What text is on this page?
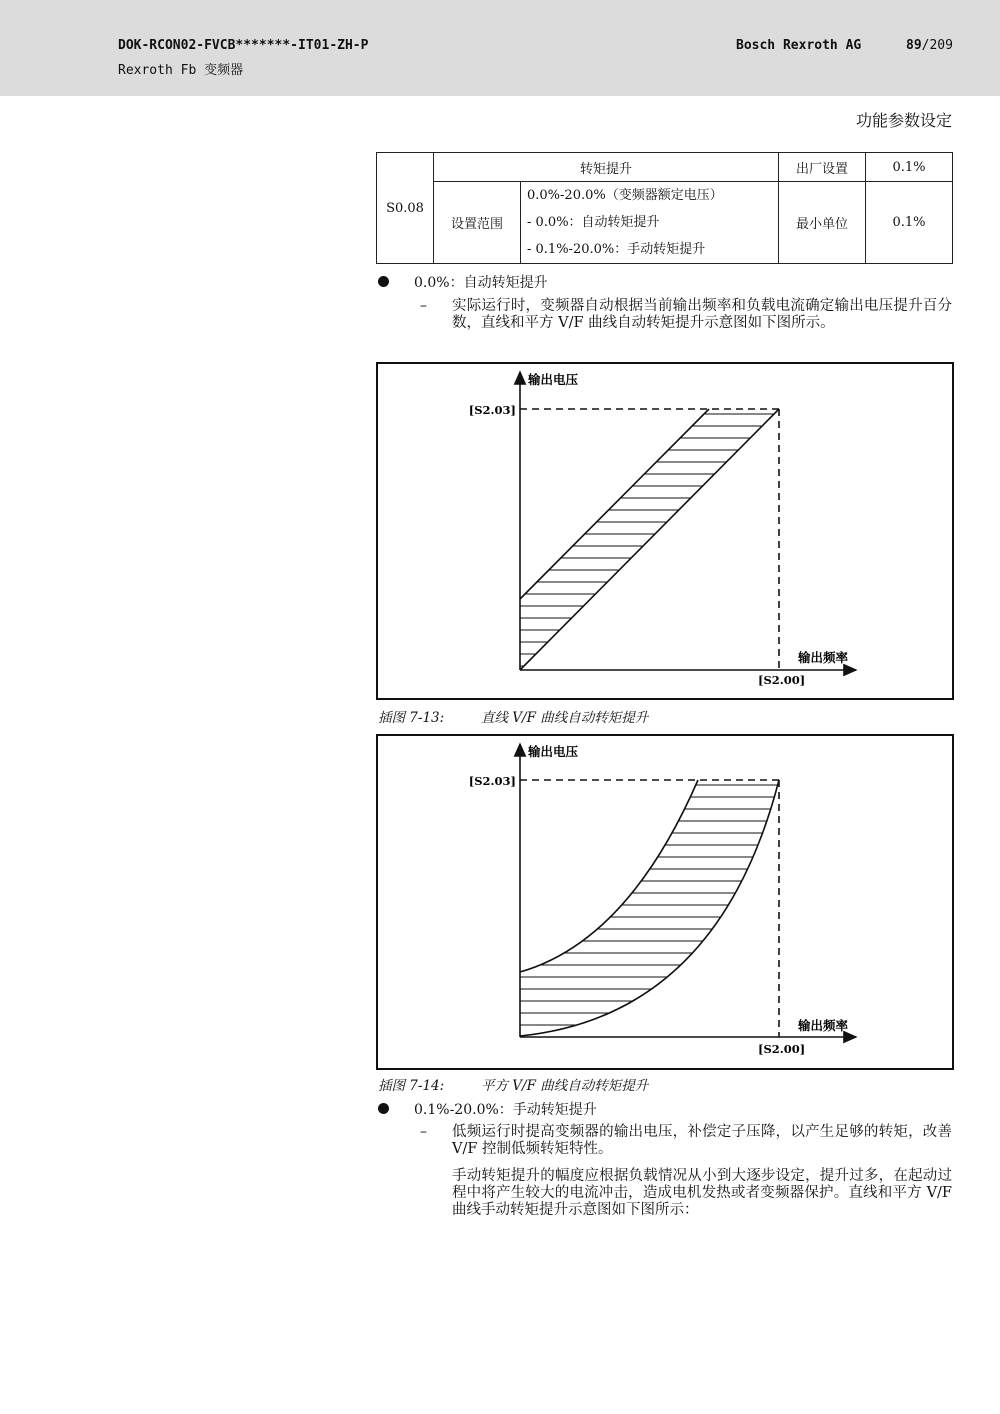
DOK-RCON02-FVCB*******-IT01-ZH-P
Rexroth Fb 变频器
Bosch Rexroth AG	89/209
功能参数设定
S0.08	转矩提升		出厂设置	0.1%
	设置范围	0.0%-20.0%（变频器额定电压）
- 0.0%：自动转矩提升
- 0.1%-20.0%：手动转矩提升	最小单位	0.1%
0.0%：自动转矩提升
– 实际运行时，变频器自动根据当前输出频率和负载电流确定输出电压提升百分数，直线和平方 V/F 曲线自动转矩提升示意图如下图所示。
输出电压
输出频率
[S2.03]
[S2.00]
插图 7-13:	直线 V/F 曲线自动转矩提升
输出电压
输出频率
[S2.03]
[S2.00]
插图 7-14:	平方 V/F 曲线自动转矩提升
0.1%-20.0%：手动转矩提升
– 低频运行时提高变频器的输出电压，补偿定子压降，以产生足够的转矩，改善 V/F 控制低频转矩特性。
手动转矩提升的幅度应根据负载情况从小到大逐步设定，提升过多，在起动过程中将产生较大的电流冲击，造成电机发热或者变频器保护。直线和平方 V/F 曲线手动转矩提升示意图如下图所示：
